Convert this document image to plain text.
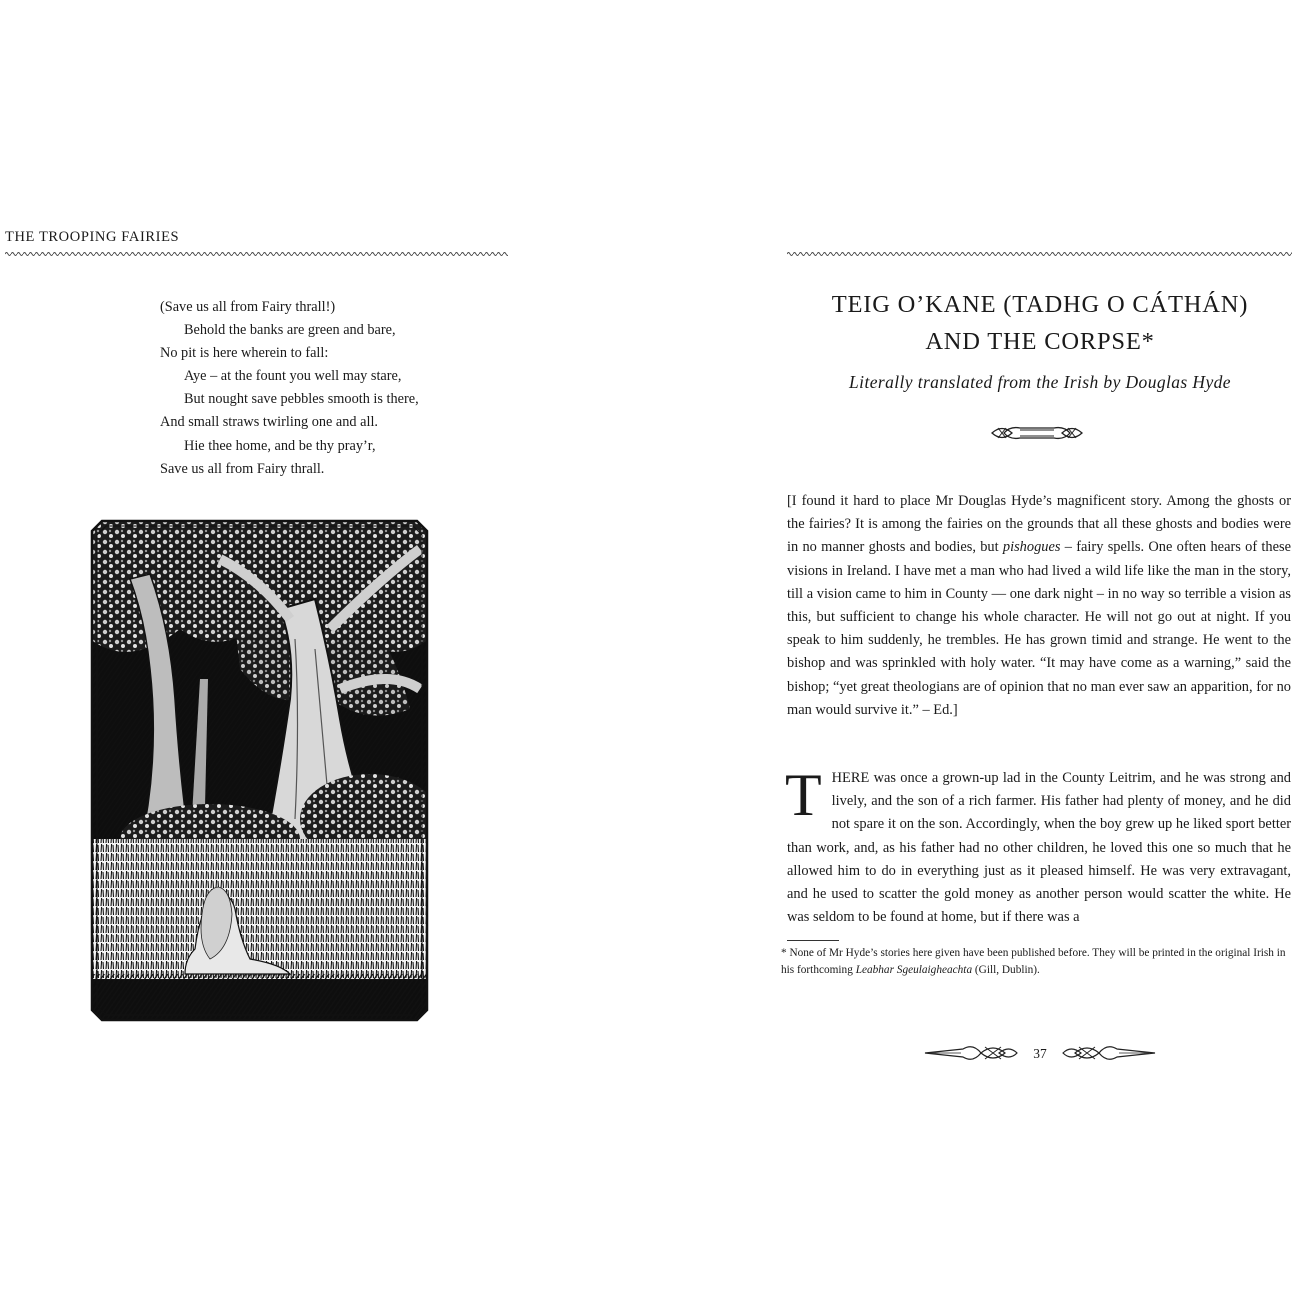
THE TROOPING FAIRIES
(Save us all from Fairy thrall!)
Behold the banks are green and bare,
No pit is here wherein to fall:
Aye – at the fount you well may stare,
But nought save pebbles smooth is there,
And small straws twirling one and all.
Hie thee home, and be thy pray’r,
Save us all from Fairy thrall.
TEIG O’KANE (TADHG O CÁTHÁN)
AND THE CORPSE*
Literally translated from the Irish by Douglas Hyde
[I found it hard to place Mr Douglas Hyde’s magnificent story. Among the ghosts or the fairies? It is among the fairies on the grounds that all these ghosts and bodies were in no manner ghosts and bodies, but pishogues – fairy spells. One often hears of these visions in Ireland. I have met a man who had lived a wild life like the man in the story, till a vision came to him in County — one dark night – in no way so terrible a vision as this, but sufficient to change his whole character. He will not go out at night. If you speak to him suddenly, he trembles. He has grown timid and strange. He went to the bishop and was sprinkled with holy water. “It may have come as a warning,” said the bishop; “yet great theologians are of opinion that no man ever saw an apparition, for no man would survive it.” – Ed.]
THERE was once a grown-up lad in the County Leitrim, and he was strong and lively, and the son of a rich farmer. His father had plenty of money, and he did not spare it on the son. Accordingly, when the boy grew up he liked sport better than work, and, as his father had no other children, he loved this one so much that he allowed him to do in everything just as it pleased himself. He was very extravagant, and he used to scatter the gold money as another person would scatter the white. He was seldom to be found at home, but if there was a
* None of Mr Hyde’s stories here given have been published before. They will be printed in the original Irish in his forthcoming Leabhar Sgeulaigheachta (Gill, Dublin).
37
